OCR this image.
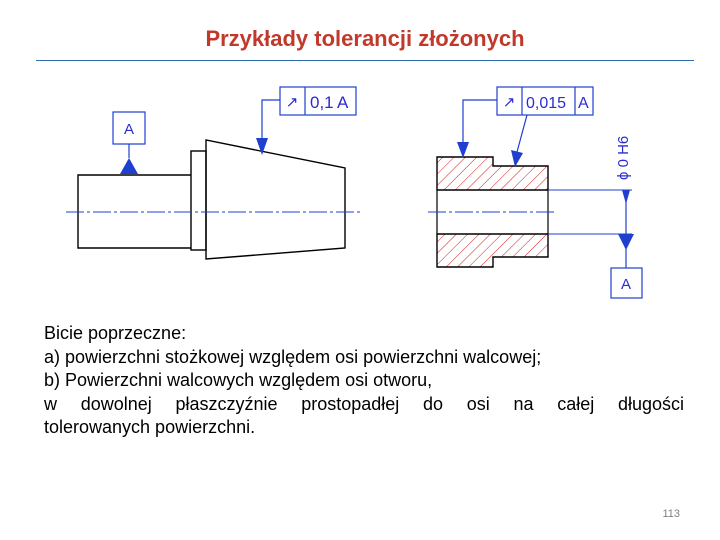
Przykłady tolerancji złożonych
A
↗ 0,1 A
ϕ 0 H6
A
↗ 0,015 A
Bicie poprzeczne:
a) powierzchni stożkowej względem osi powierzchni walcowej;
b) Powierzchni walcowych względem osi otworu,
w dowolnej płaszczyźnie prostopadłej do osi na całej długości
tolerowanych powierzchni.
113
